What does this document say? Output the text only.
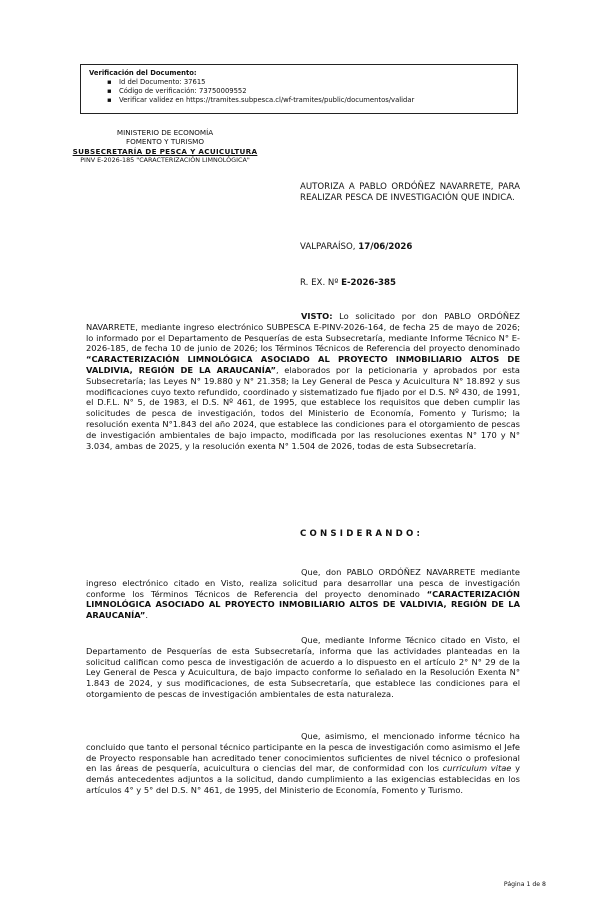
Verificación del Documento:
▪ Id del Documento: 37615
▪ Código de verificación: 73750009552
▪ Verificar validez en https://tramites.subpesca.cl/wf-tramites/public/documentos/validar
MINISTERIO DE ECONOMÍA
FOMENTO Y TURISMO
SUBSECRETARÍA DE PESCA Y ACUICULTURA
PINV E-2026-185 "CARACTERIZACIÓN LIMNOLÓGICA"
AUTORIZA A PABLO ORDÓÑEZ NAVARRETE, PARA REALIZAR PESCA DE INVESTIGACIÓN QUE INDICA.
VALPARAÍSO, 17/06/2026
R. EX. Nº E-2026-385
VISTO: Lo solicitado por don PABLO ORDÓÑEZ NAVARRETE, mediante ingreso electrónico SUBPESCA E-PINV-2026-164, de fecha 25 de mayo de 2026; lo informado por el Departamento de Pesquerías de esta Subsecretaría, mediante Informe Técnico N° E-2026-185, de fecha 10 de junio de 2026; los Términos Técnicos de Referencia del proyecto denominado “CARACTERIZACIÓN LIMNOLÓGICA ASOCIADO AL PROYECTO INMOBILIARIO ALTOS DE VALDIVIA, REGIÓN DE LA ARAUCANÍA”, elaborados por la peticionaria y aprobados por esta Subsecretaría; las Leyes N° 19.880 y N° 21.358; la Ley General de Pesca y Acuicultura N° 18.892 y sus modificaciones cuyo texto refundido, coordinado y sistematizado fue fijado por el D.S. Nº 430, de 1991, el D.F.L. N° 5, de 1983, el D.S. Nº 461, de 1995, que establece los requisitos que deben cumplir las solicitudes de pesca de investigación, todos del Ministerio de Economía, Fomento y Turismo; la resolución exenta N°1.843 del año 2024, que establece las condiciones para el otorgamiento de pescas de investigación ambientales de bajo impacto, modificada por las resoluciones exentas N° 170 y N° 3.034, ambas de 2025, y la resolución exenta N° 1.504 de 2026, todas de esta Subsecretaría.
CONSIDERANDO:
Que, don PABLO ORDÓÑEZ NAVARRETE mediante ingreso electrónico citado en Visto, realiza solicitud para desarrollar una pesca de investigación conforme los Términos Técnicos de Referencia del proyecto denominado “CARACTERIZACIÓN LIMNOLÓGICA ASOCIADO AL PROYECTO INMOBILIARIO ALTOS DE VALDIVIA, REGIÓN DE LA ARAUCANÍA”.
Que, mediante Informe Técnico citado en Visto, el Departamento de Pesquerías de esta Subsecretaría, informa que las actividades planteadas en la solicitud califican como pesca de investigación de acuerdo a lo dispuesto en el artículo 2° N° 29 de la Ley General de Pesca y Acuicultura, de bajo impacto conforme lo señalado en la Resolución Exenta N° 1.843 de 2024, y sus modificaciones, de esta Subsecretaría, que establece las condiciones para el otorgamiento de pescas de investigación ambientales de esta naturaleza.
Que, asimismo, el mencionado informe técnico ha concluido que tanto el personal técnico participante en la pesca de investigación como asimismo el Jefe de Proyecto responsable han acreditado tener conocimientos suficientes de nivel técnico o profesional en las áreas de pesquería, acuicultura o ciencias del mar, de conformidad con los curriculum vitae y demás antecedentes adjuntos a la solicitud, dando cumplimiento a las exigencias establecidas en los artículos 4° y 5° del D.S. N° 461, de 1995, del Ministerio de Economía, Fomento y Turismo.
Página 1 de 8
